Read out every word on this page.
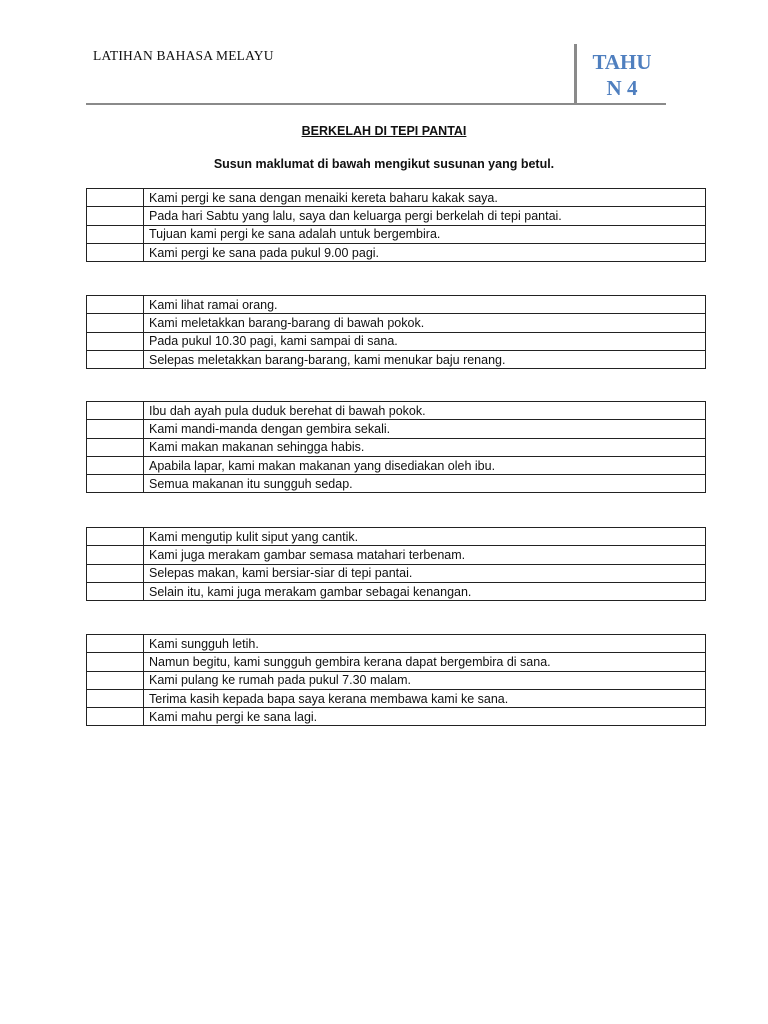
LATIHAN BAHASA MELAYU	TAHU
N 4
BERKELAH DI TEPI PANTAI
Susun maklumat di bawah mengikut susunan yang betul.
	Kami pergi ke sana dengan menaiki kereta baharu kakak saya.
	Pada hari Sabtu yang lalu, saya dan keluarga pergi berkelah di tepi pantai.
	Tujuan kami pergi ke sana adalah untuk bergembira.
	Kami pergi ke sana pada pukul 9.00 pagi.
	Kami lihat ramai orang.
	Kami meletakkan barang-barang di bawah pokok.
	Pada pukul 10.30 pagi, kami sampai di sana.
	Selepas meletakkan barang-barang, kami menukar baju renang.
	Ibu dah ayah pula duduk berehat di bawah pokok.
	Kami mandi-manda dengan gembira sekali.
	Kami makan makanan sehingga habis.
	Apabila lapar, kami makan makanan yang disediakan oleh ibu.
	Semua makanan itu sungguh sedap.
	Kami mengutip kulit siput yang cantik.
	Kami juga merakam gambar semasa matahari terbenam.
	Selepas makan, kami bersiar-siar di tepi pantai.
	Selain itu, kami juga merakam gambar sebagai kenangan.
	Kami sungguh letih.
	Namun begitu, kami sungguh gembira kerana dapat bergembira di sana.
	Kami pulang ke rumah pada pukul 7.30 malam.
	Terima kasih kepada bapa saya kerana membawa kami ke sana.
	Kami mahu pergi ke sana lagi.
